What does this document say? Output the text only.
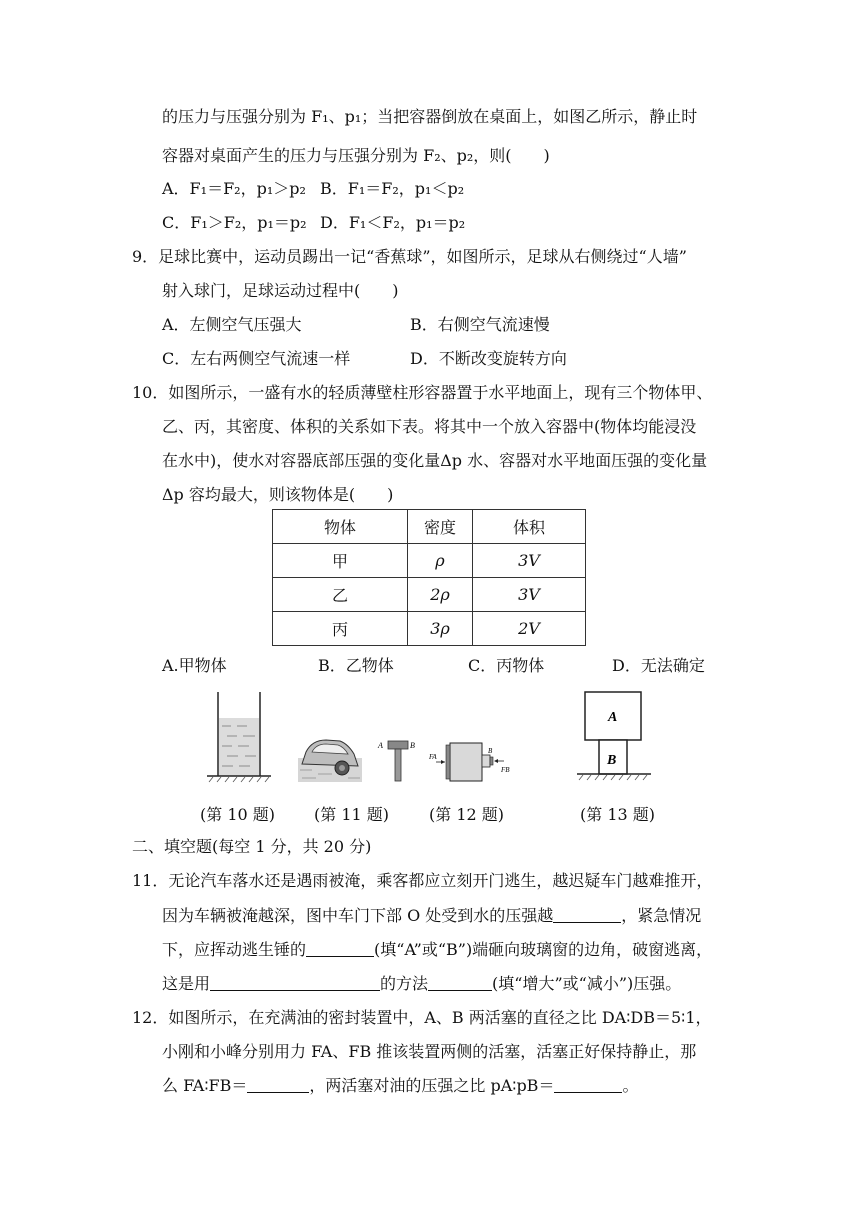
的压力与压强分别为 F₁、p₁；当把容器倒放在桌面上，如图乙所示，静止时
容器对桌面产生的压力与压强分别为 F₂、p₂，则(　　)
A．F₁＝F₂，p₁＞p₂ B．F₁＝F₂，p₁＜p₂
C．F₁＞F₂，p₁＝p₂ D．F₁＜F₂，p₁＝p₂
9．足球比赛中，运动员踢出一记“香蕉球”，如图所示，足球从右侧绕过“人墙”
射入球门，足球运动过程中(　　)
A．左侧空气压强大	B．右侧空气流速慢
C．左右两侧空气流速一样	D．不断改变旋转方向
10．如图所示，一盛有水的轻质薄壁柱形容器置于水平地面上，现有三个物体甲、
乙、丙，其密度、体积的关系如下表。将其中一个放入容器中(物体均能浸没
在水中)，使水对容器底部压强的变化量Δp 水、容器对水平地面压强的变化量
Δp 容均最大，则该物体是(　　)
物体	密度	体积
甲	ρ	3V
乙	2ρ	3V
丙	3ρ	2V
A.甲物体	B．乙物体	C．丙物体	D．无法确定
A	B
FA
B
FB
A
B
(第 10 题) (第 11 题) (第 12 题)	(第 13 题)
二、填空题(每空 1 分，共 20 分)
11．无论汽车落水还是遇雨被淹，乘客都应立刻开门逃生，越迟疑车门越难推开，
因为车辆被淹越深，图中车门下部 O 处受到水的压强越	，紧急情况
下，应挥动逃生锤的	(填“A”或“B”)端砸向玻璃窗的边角，破窗逃离，
这是用	的方法	(填“增大”或“减小”)压强。
12．如图所示，在充满油的密封装置中，A、B 两活塞的直径之比 DA∶DB＝5∶1，
小刚和小峰分别用力 FA、FB 推该装置两侧的活塞，活塞正好保持静止，那
么 FA∶FB＝	，两活塞对油的压强之比 pA∶pB＝	。
